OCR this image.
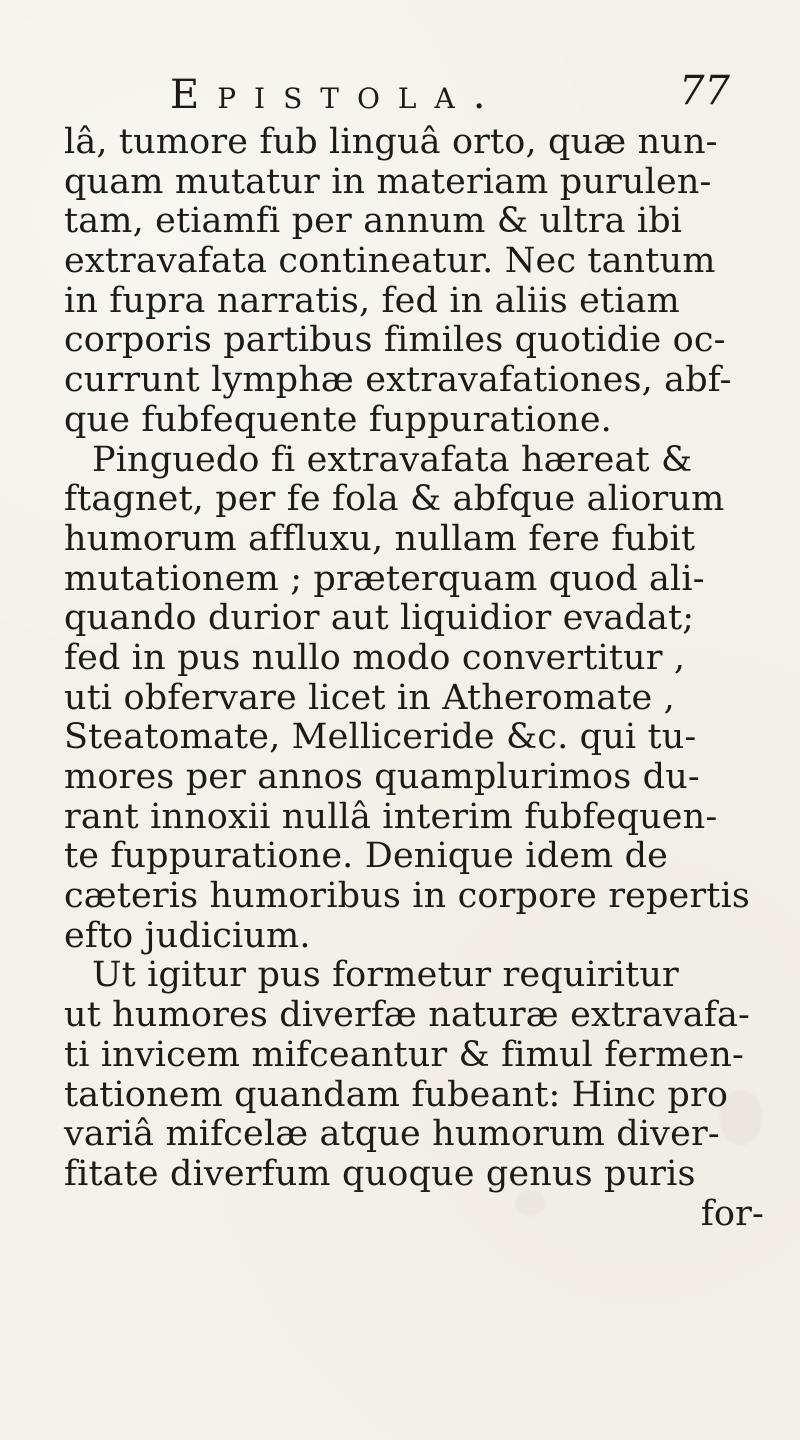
Epistola.	77
lâ, tumore fub linguâ orto, quæ nun-
quam mutatur in materiam purulen-
tam, etiamfi per annum & ultra ibi
extravafata contineatur. Nec tantum
in fupra narratis, fed in aliis etiam
corporis partibus fimiles quotidie oc-
currunt lymphæ extravafationes, abf-
que fubfequente fuppuratione.
Pinguedo fi extravafata hæreat &
ftagnet, per fe fola & abfque aliorum
humorum affluxu, nullam fere fubit
mutationem ; præterquam quod ali-
quando durior aut liquidior evadat;
fed in pus nullo modo convertitur ,
uti obfervare licet in Atheromate ,
Steatomate, Melliceride &c. qui tu-
mores per annos quamplurimos du-
rant innoxii nullâ interim fubfequen-
te fuppuratione. Denique idem de
cæteris humoribus in corpore repertis
efto judicium.
Ut igitur pus formetur requiritur
ut humores diverfæ naturæ extravafa-
ti invicem mifceantur & fimul fermen-
tationem quandam fubeant: Hinc pro
variâ mifcelæ atque humorum diver-
fitate diverfum quoque genus puris
for-
